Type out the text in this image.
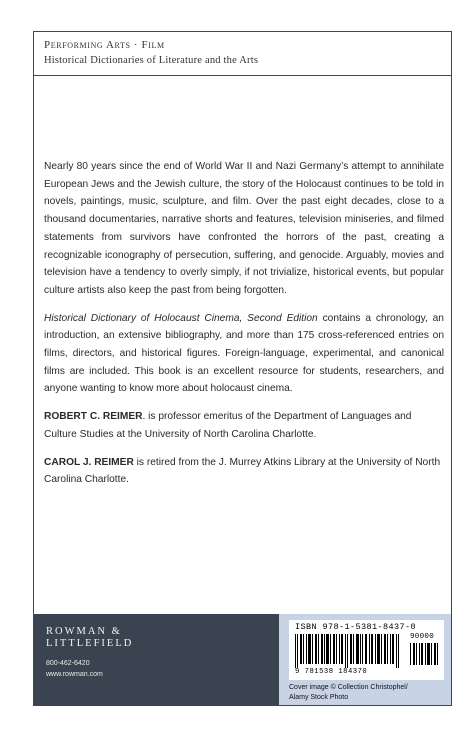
Performing Arts · Film
Historical Dictionaries of Literature and the Arts

Nearly 80 years since the end of World War II and Nazi Germany’s attempt to annihilate European Jews and the Jewish culture, the story of the Holocaust continues to be told in novels, paintings, music, sculpture, and film. Over the past eight decades, close to a thousand documentaries, narrative shorts and features, television miniseries, and filmed statements from survivors have confronted the horrors of the past, creating a recognizable iconography of persecution, suffering, and genocide. Arguably, movies and television have a tendency to overly simply, if not trivialize, historical events, but popular culture artists also keep the past from being forgotten.

Historical Dictionary of Holocaust Cinema, Second Edition contains a chronology, an introduction, an extensive bibliography, and more than 175 cross-referenced entries on films, directors, and historical figures. Foreign-language, experimental, and canonical films are included. This book is an excellent resource for students, researchers, and anyone wanting to know more about holocaust cinema.

ROBERT C. REIMER. is professor emeritus of the Department of Languages and Culture Studies at the University of North Carolina Charlotte.

CAROL J. REIMER is retired from the J. Murrey Atkins Library at the University of North Carolina Charlotte.

ROWMAN &
LITTLEFIELD
800-462-6420
www.rowman.com
ISBN 978-1-5381-8437-0
90000
9 781538 184370
Cover image © Collection Christophel/
Alamy Stock Photo
